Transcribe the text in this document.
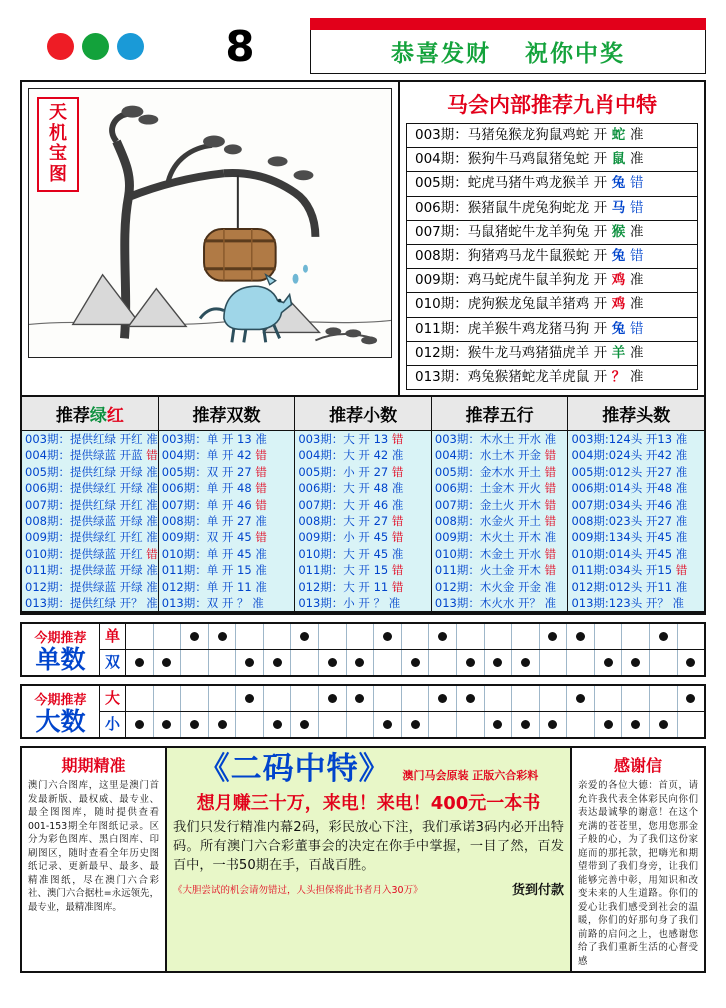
8	恭喜发财 祝你中奖
天机宝图
马会内部推荐九肖中特
003期：马猪兔猴龙狗鼠鸡蛇 开 蛇 准
004期：猴狗牛马鸡鼠猪兔蛇 开 鼠 准
005期：蛇虎马猪牛鸡龙猴羊 开 兔 错
006期：猴猪鼠牛虎兔狗蛇龙 开 马 错
007期：马鼠猪蛇牛龙羊狗兔 开 猴 准
008期：狗猪鸡马龙牛鼠猴蛇 开 兔 错
009期：鸡马蛇虎牛鼠羊狗龙 开 鸡 准
010期：虎狗猴龙兔鼠羊猪鸡 开 鸡 准
011期：虎羊猴牛鸡龙猪马狗 开 兔 错
012期：猴牛龙马鸡猪猫虎羊 开 羊 准
013期：鸡兔猴猪蛇龙羊虎鼠 开 ？ 准
推荐绿红
003期：提供红绿 开红 准
004期：提供绿蓝 开蓝 错
005期：提供红绿 开绿 准
006期：提供绿红 开绿 准
007期：提供红绿 开红 准
008期：提供绿蓝 开绿 准
009期：提供绿红 开红 准
010期：提供绿蓝 开红 错
011期：提供绿蓝 开绿 准
012期：提供绿蓝 开绿 准
013期：提供红绿 开？ 准
推荐双数
003期：单 开 13 准
004期：单 开 42 错
005期：双 开 27 错
006期：单 开 48 错
007期：单 开 46 错
008期：单 开 27 准
009期：双 开 45 错
010期：单 开 45 准
011期：单 开 15 准
012期：单 开 11 准
013期：双 开 ？ 准
推荐小数
003期：大 开 13 错
004期：大 开 42 准
005期：小 开 27 错
006期：大 开 48 准
007期：大 开 46 准
008期：大 开 27 错
009期：小 开 45 错
010期：大 开 45 准
011期：大 开 15 错
012期：大 开 11 错
013期：小 开 ？ 准
推荐五行
003期：木水土 开水 准
004期：水土木 开金 错
005期：金木水 开土 错
006期：土金木 开火 错
007期：金土火 开木 错
008期：水金火 开土 错
009期：木火土 开木 准
010期：木金土 开水 错
011期：火土金 开木 错
012期：木火金 开金 准
013期：木火水 开？ 准
推荐头数
003期:124头 开13 准
004期:024头 开42 准
005期:012头 开27 准
006期:014头 开48 准
007期:034头 开46 准
008期:023头 开27 准
009期:134头 开45 准
010期:014头 开45 准
011期:034头 开15 错
012期:012头 开11 准
013期:123头 开？ 准
今期推荐
单数
单
双
今期推荐
大数
大
小
期期精准
澳门六合图库，这里是澳门首发最新版、最权威、最专业、最全图图库，随时提供查看001-153期全年图纸记录。区分为彩色图库、黑白图库、印刷图区，随时查看全年历史图纸记录、更新最早、最多、最精准图纸，尽在澳门六合彩社、澳门六合据杜=永远领先，最专业，最精准图库。
《二码中特》 澳门马会原装 正版六合彩料
想月赚三十万，来电！来电！400元一本书
我们只发行精准内幕2码，彩民放心下注，我们承诺3码内必开出特码。所有澳门六合彩董事会的决定在你手中掌握，一目了然，百发百中，一书50期在手，百战百胜。
《大胆尝试的机会请勿错过，人头担保将此书者月入30万》	货到付款
感谢信
亲爱的各位大德：首页，请允许我代表全体彩民向你们表达最诚挚的谢意！在这个充满的苍苍里，您用您那金子般的心，为了我们这份家庭而的那托款，把嗨光和期望带到了我们身旁，让我们能够完善中彰，用知识和改变未来的人生道路。你们的爱心让我们感受到社会的温暖，你们的好那句身了我们前路的启问之上，也感谢您给了我们重新生活的心督受感
